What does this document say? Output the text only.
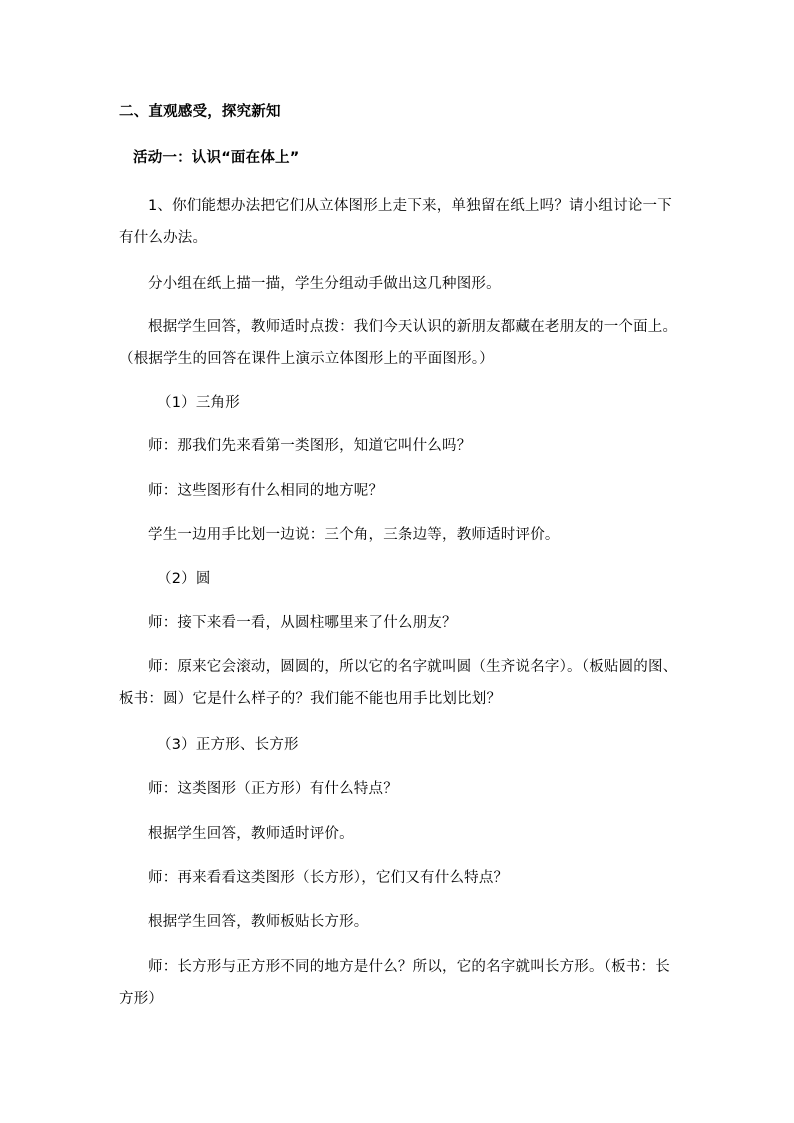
二、直观感受，探究新知
活动一：认识“面在体上”
1、你们能想办法把它们从立体图形上走下来，单独留在纸上吗？请小组讨论一下有什么办法。
分小组在纸上描一描，学生分组动手做出这几种图形。
根据学生回答，教师适时点拨：我们今天认识的新朋友都藏在老朋友的一个面上。（根据学生的回答在课件上演示立体图形上的平面图形。）
（1）三角形
师：那我们先来看第一类图形，知道它叫什么吗？
师：这些图形有什么相同的地方呢？
学生一边用手比划一边说：三个角，三条边等，教师适时评价。
（2）圆
师：接下来看一看，从圆柱哪里来了什么朋友？
师：原来它会滚动，圆圆的，所以它的名字就叫圆（生齐说名字）。（板贴圆的图、板书：圆）它是什么样子的？我们能不能也用手比划比划？
（3）正方形、长方形
师：这类图形（正方形）有什么特点？
根据学生回答，教师适时评价。
师：再来看看这类图形（长方形），它们又有什么特点？
根据学生回答，教师板贴长方形。
师：长方形与正方形不同的地方是什么？所以，它的名字就叫长方形。（板书：长方形）
